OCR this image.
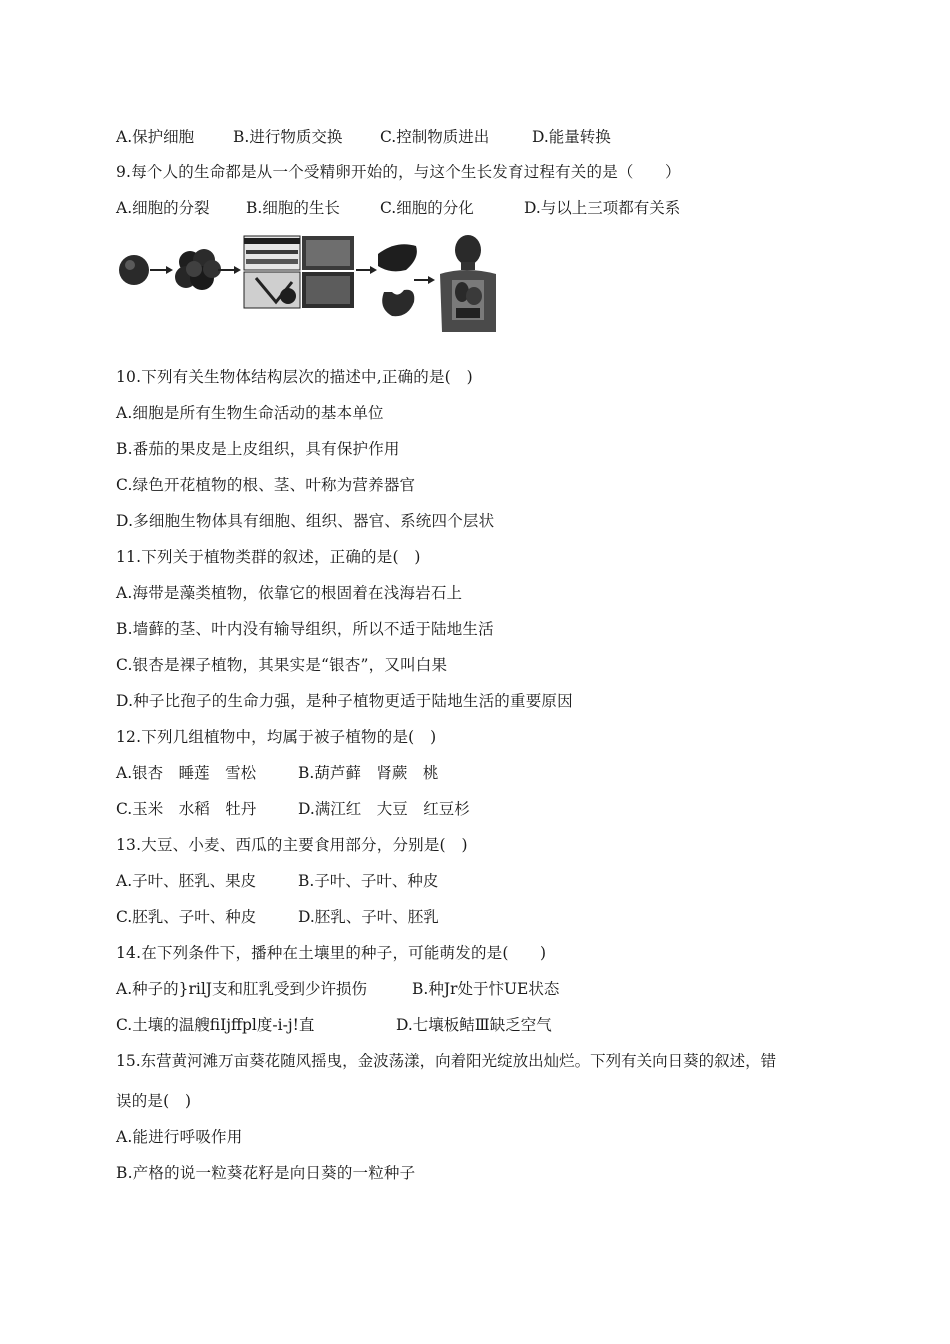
A.保护细胞

	B.进行物质交换

C.控制物质进出

	D.能量转换

9.每个人的生命都是从一个受精卵开始的，与这个生长发育过程有关的是（　　）

A.细胞的分裂

B.细胞的生长

	C.细胞的分化

	D.与以上三项都有关系

10.下列有关生物体结构层次的描述中,正确的是(　)
A.细胞是所有生物生命活动的基本单位
B.番茄的果皮是上皮组织，具有保护作用
C.绿色开花植物的根、茎、叶称为营养器官
D.多细胞生物体具有细胞、组织、器官、系统四个层状
11.下列关于植物类群的叙述，正确的是(　)
A.海带是藻类植物，依靠它的根固着在浅海岩石上
B.墙藓的茎、叶内没有输导组织，所以不适于陆地生活
C.银杏是裸子植物，其果实是“银杏”，又叫白果
D.种子比孢子的生命力强，是种子植物更适于陆地生活的重要原因
12.下列几组植物中，均属于被子植物的是(　)

A.银杏　睡莲　雪松

	B.葫芦藓　肾蕨　桃

C.玉米　水稻　牡丹

	D.满江红　大豆　红豆杉

13.大豆、小麦、西瓜的主要食用部分，分别是(　)

A.子叶、胚乳、果皮

	B.子叶、子叶、种皮

C.胚乳、子叶、种皮

	D.胚乳、子叶、胚乳

14.在下列条件下，播种在土壤里的种子，可能萌发的是(　　)

A.种子的}rilJ支和肛乳受到少许损伤

	B.种Jr处于忭UE状态

C.土壤的温艘fiIjffpl度-i-j!直

	D.七壤板鲒Ⅲ缺乏空气

15.东营黄河滩万亩葵花随风摇曳，金波荡漾，向着阳光绽放出灿烂。下列有关向日葵的叙述，错
误的是(　)
A.能进行呼吸作用
B.产格的说一粒葵花籽是向日葵的一粒种子
